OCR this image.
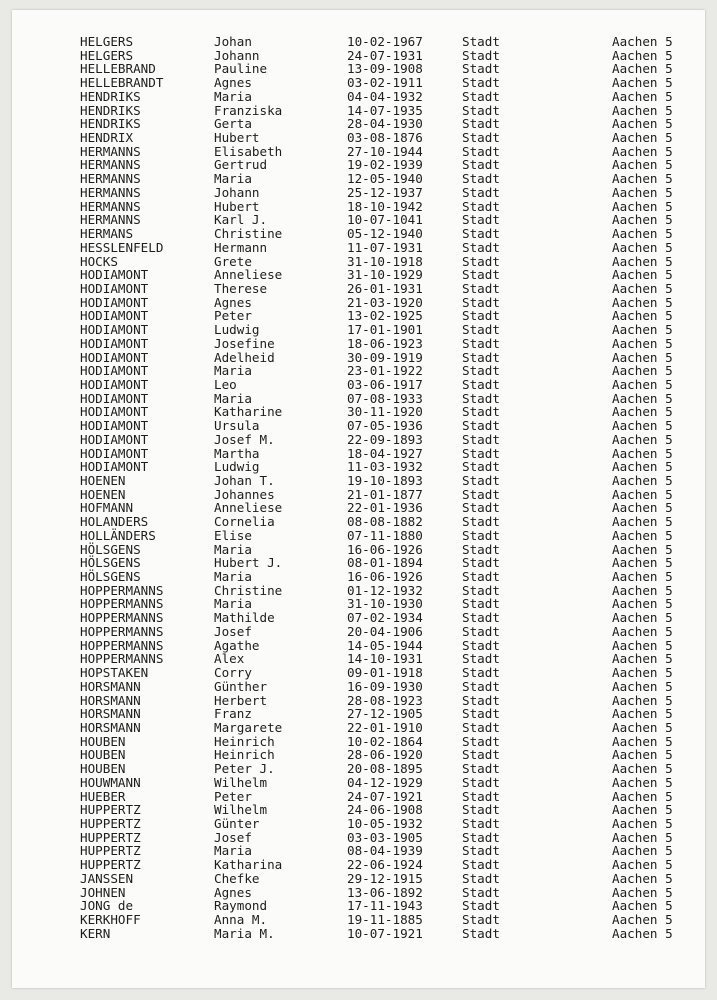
HELGERS	Johan	10-02-1967	Stadt	Aachen 5
HELGERS	Johann	24-07-1931	Stadt	Aachen 5
HELLEBRAND	Pauline	13-09-1908	Stadt	Aachen 5
HELLEBRANDT	Agnes	03-02-1911	Stadt	Aachen 5
HENDRIKS	Maria	04-04-1932	Stadt	Aachen 5
HENDRIKS	Franziska	14-07-1935	Stadt	Aachen 5
HENDRIKS	Gerta	28-04-1930	Stadt	Aachen 5
HENDRIX	Hubert	03-08-1876	Stadt	Aachen 5
HERMANNS	Elisabeth	27-10-1944	Stadt	Aachen 5
HERMANNS	Gertrud	19-02-1939	Stadt	Aachen 5
HERMANNS	Maria	12-05-1940	Stadt	Aachen 5
HERMANNS	Johann	25-12-1937	Stadt	Aachen 5
HERMANNS	Hubert	18-10-1942	Stadt	Aachen 5
HERMANNS	Karl J.	10-07-1041	Stadt	Aachen 5
HERMANS	Christine	05-12-1940	Stadt	Aachen 5
HESSLENFELD	Hermann	11-07-1931	Stadt	Aachen 5
HOCKS	Grete	31-10-1918	Stadt	Aachen 5
HODIAMONT	Anneliese	31-10-1929	Stadt	Aachen 5
HODIAMONT	Therese	26-01-1931	Stadt	Aachen 5
HODIAMONT	Agnes	21-03-1920	Stadt	Aachen 5
HODIAMONT	Peter	13-02-1925	Stadt	Aachen 5
HODIAMONT	Ludwig	17-01-1901	Stadt	Aachen 5
HODIAMONT	Josefine	18-06-1923	Stadt	Aachen 5
HODIAMONT	Adelheid	30-09-1919	Stadt	Aachen 5
HODIAMONT	Maria	23-01-1922	Stadt	Aachen 5
HODIAMONT	Leo	03-06-1917	Stadt	Aachen 5
HODIAMONT	Maria	07-08-1933	Stadt	Aachen 5
HODIAMONT	Katharine	30-11-1920	Stadt	Aachen 5
HODIAMONT	Ursula	07-05-1936	Stadt	Aachen 5
HODIAMONT	Josef M.	22-09-1893	Stadt	Aachen 5
HODIAMONT	Martha	18-04-1927	Stadt	Aachen 5
HODIAMONT	Ludwig	11-03-1932	Stadt	Aachen 5
HOENEN	Johan T.	19-10-1893	Stadt	Aachen 5
HOENEN	Johannes	21-01-1877	Stadt	Aachen 5
HOFMANN	Anneliese	22-01-1936	Stadt	Aachen 5
HOLANDERS	Cornelia	08-08-1882	Stadt	Aachen 5
HOLLÄNDERS	Elise	07-11-1880	Stadt	Aachen 5
HÖLSGENS	Maria	16-06-1926	Stadt	Aachen 5
HÖLSGENS	Hubert J.	08-01-1894	Stadt	Aachen 5
HÖLSGENS	Maria	16-06-1926	Stadt	Aachen 5
HOPPERMANNS	Christine	01-12-1932	Stadt	Aachen 5
HOPPERMANNS	Maria	31-10-1930	Stadt	Aachen 5
HOPPERMANNS	Mathilde	07-02-1934	Stadt	Aachen 5
HOPPERMANNS	Josef	20-04-1906	Stadt	Aachen 5
HOPPERMANNS	Agathe	14-05-1944	Stadt	Aachen 5
HOPPERMANNS	Alex	14-10-1931	Stadt	Aachen 5
HOPSTAKEN	Corry	09-01-1918	Stadt	Aachen 5
HORSMANN	Günther	16-09-1930	Stadt	Aachen 5
HORSMANN	Herbert	28-08-1923	Stadt	Aachen 5
HORSMANN	Franz	27-12-1905	Stadt	Aachen 5
HORSMANN	Margarete	22-01-1910	Stadt	Aachen 5
HOUBEN	Heinrich	10-02-1864	Stadt	Aachen 5
HOUBEN	Heinrich	28-06-1920	Stadt	Aachen 5
HOUBEN	Peter J.	20-08-1895	Stadt	Aachen 5
HOUWMANN	Wilhelm	04-12-1929	Stadt	Aachen 5
HUEBER	Peter	24-07-1921	Stadt	Aachen 5
HUPPERTZ	Wilhelm	24-06-1908	Stadt	Aachen 5
HUPPERTZ	Günter	10-05-1932	Stadt	Aachen 5
HUPPERTZ	Josef	03-03-1905	Stadt	Aachen 5
HUPPERTZ	Maria	08-04-1939	Stadt	Aachen 5
HUPPERTZ	Katharina	22-06-1924	Stadt	Aachen 5
JANSSEN	Chefke	29-12-1915	Stadt	Aachen 5
JOHNEN	Agnes	13-06-1892	Stadt	Aachen 5
JONG de	Raymond	17-11-1943	Stadt	Aachen 5
KERKHOFF	Anna M.	19-11-1885	Stadt	Aachen 5
KERN	Maria M.	10-07-1921	Stadt	Aachen 5
